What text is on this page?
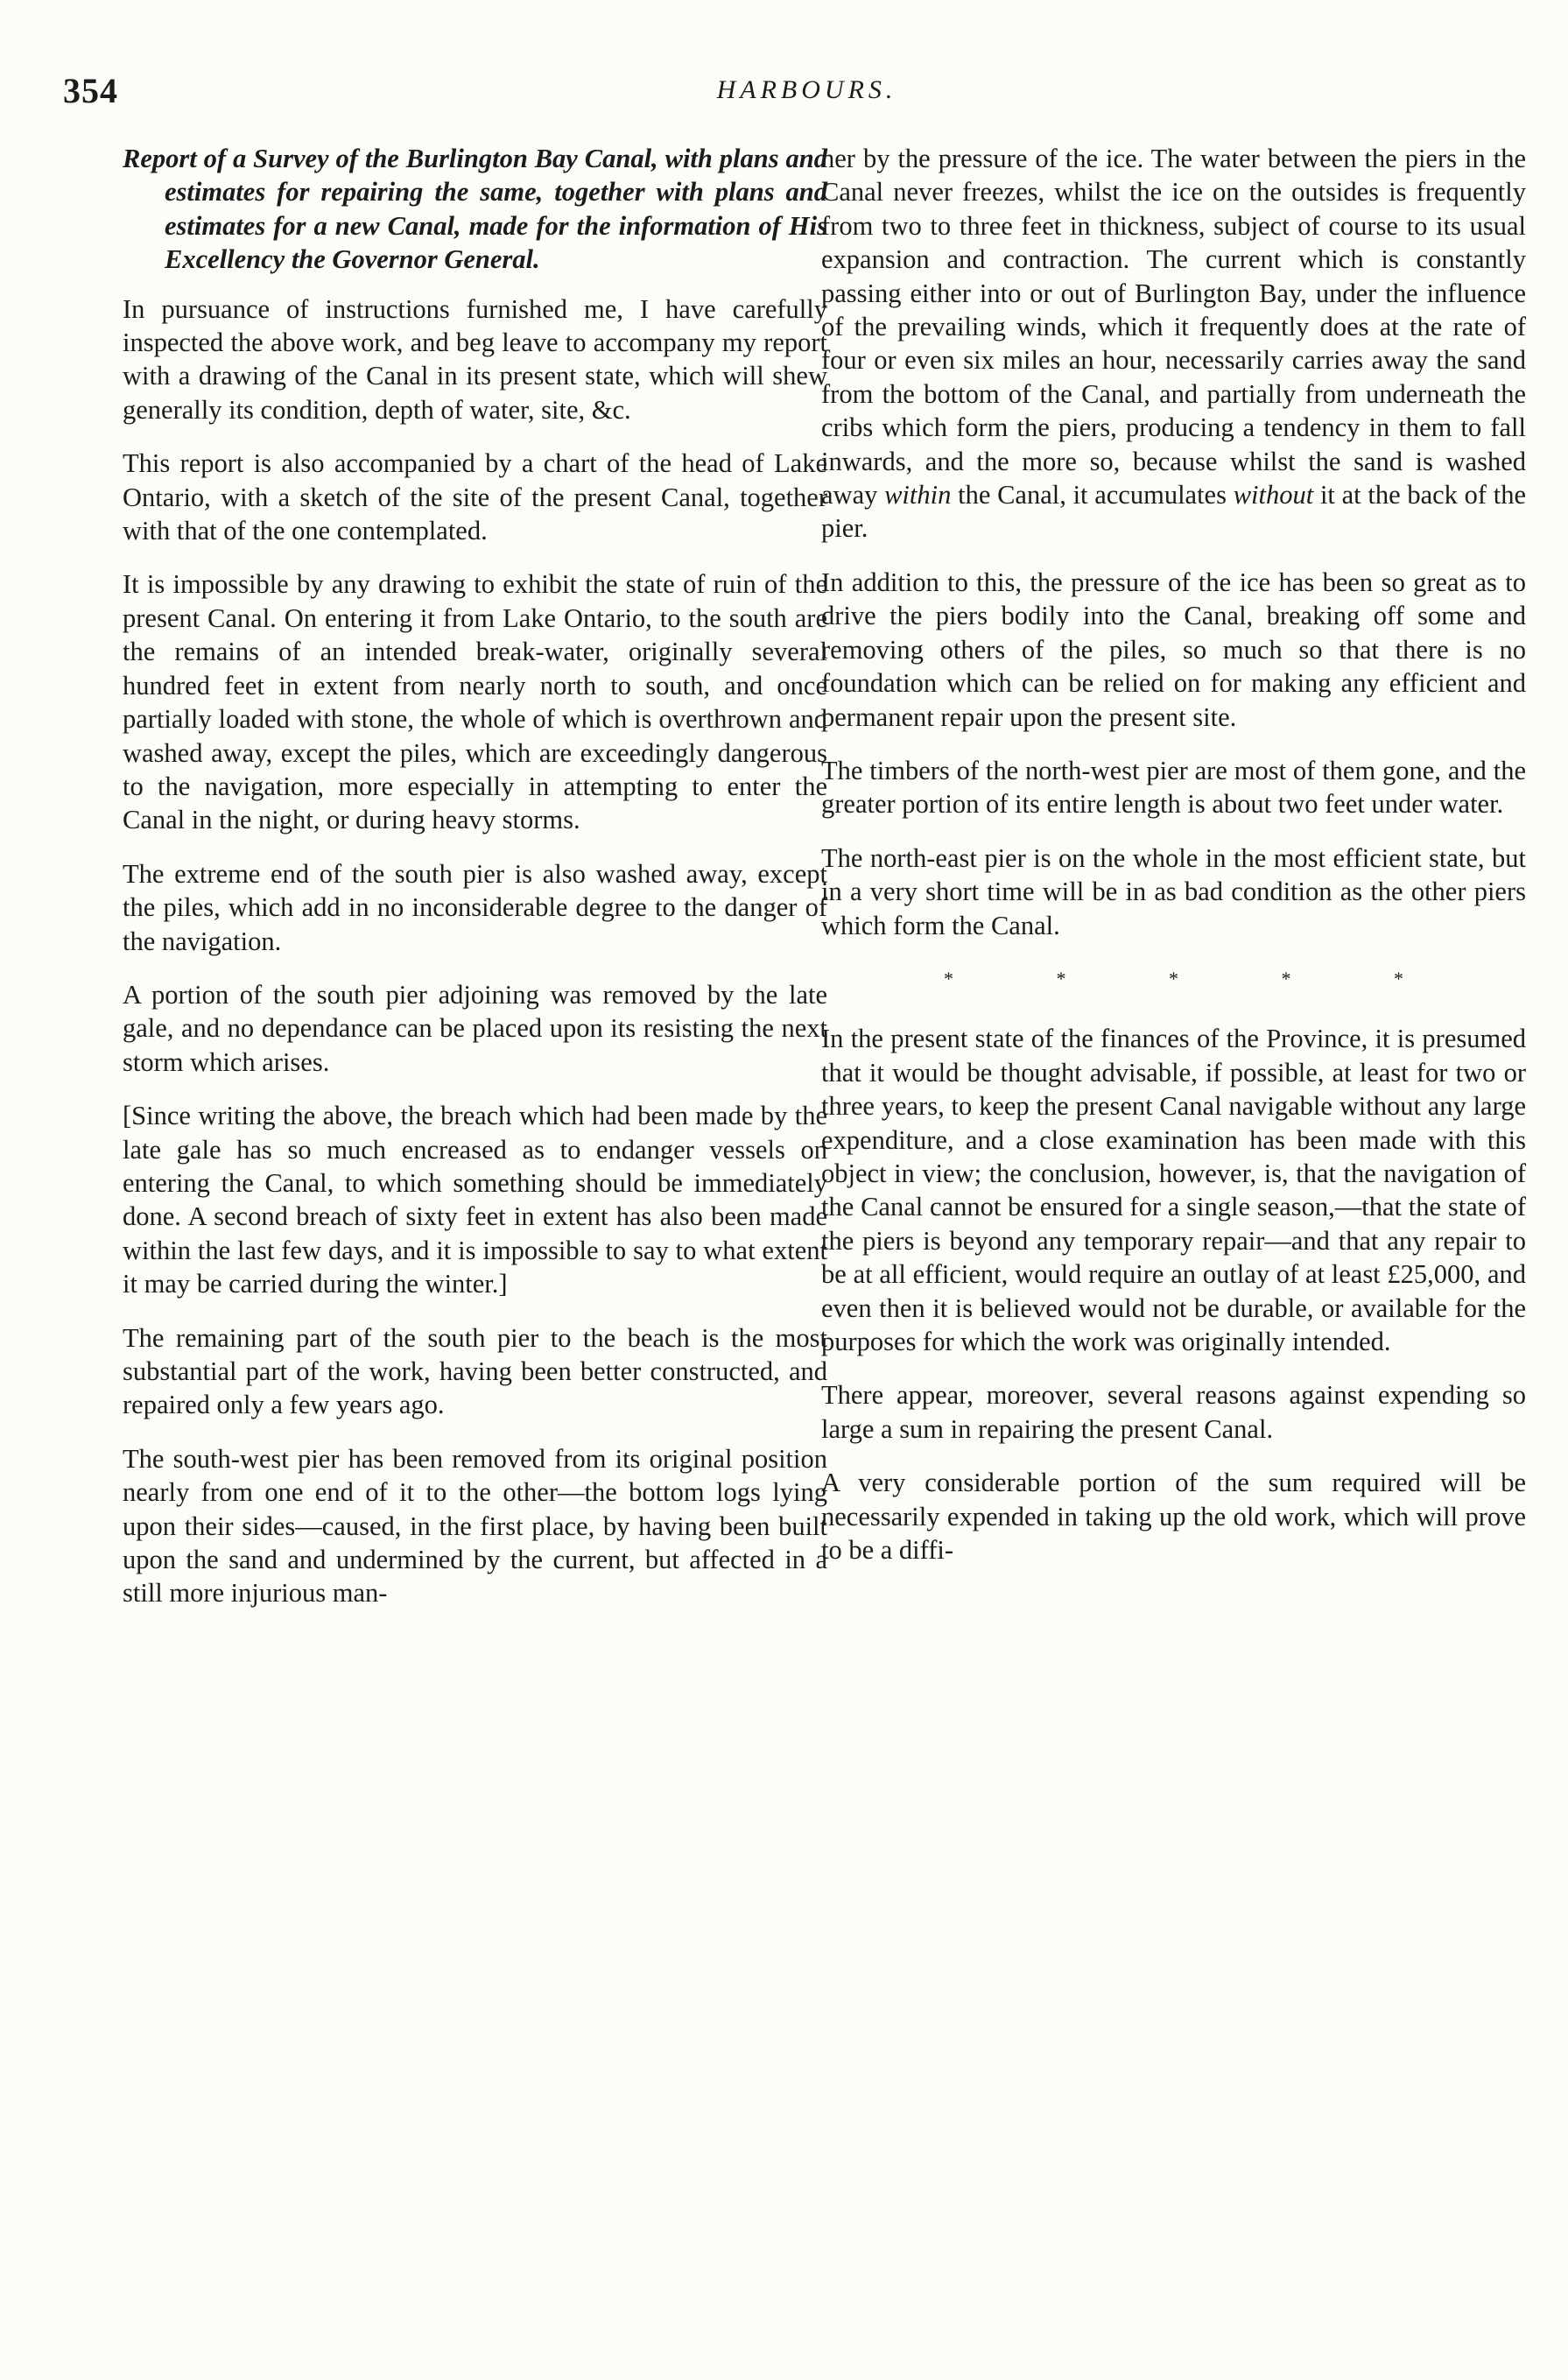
354	HARBOURS.

Report of a Survey of the Burlington Bay Canal, with plans and estimates for repairing the same, together with plans and estimates for a new Canal, made for the information of His Excellency the Governor General.

In pursuance of instructions furnished me, I have carefully inspected the above work, and beg leave to accompany my report with a drawing of the Canal in its present state, which will shew generally its condition, depth of water, site, &c.

This report is also accompanied by a chart of the head of Lake Ontario, with a sketch of the site of the present Canal, together with that of the one contemplated.

It is impossible by any drawing to exhibit the state of ruin of the present Canal. On entering it from Lake Ontario, to the south are the remains of an intended break-water, originally several hundred feet in extent from nearly north to south, and once partially loaded with stone, the whole of which is overthrown and washed away, except the piles, which are exceedingly dangerous to the navigation, more especially in attempting to enter the Canal in the night, or during heavy storms.

The extreme end of the south pier is also washed away, except the piles, which add in no inconsiderable degree to the danger of the navigation.

A portion of the south pier adjoining was removed by the late gale, and no dependance can be placed upon its resisting the next storm which arises.

[Since writing the above, the breach which had been made by the late gale has so much encreased as to endanger vessels on entering the Canal, to which something should be immediately done. A second breach of sixty feet in extent has also been made within the last few days, and it is impossible to say to what extent it may be carried during the winter.]

The remaining part of the south pier to the beach is the most substantial part of the work, having been better constructed, and repaired only a few years ago.

The south-west pier has been removed from its original position nearly from one end of it to the other—the bottom logs lying upon their sides—caused, in the first place, by having been built upon the sand and undermined by the current, but affected in a still more injurious man-

ner by the pressure of the ice. The water between the piers in the Canal never freezes, whilst the ice on the outsides is frequently from two to three feet in thickness, subject of course to its usual expansion and contraction. The current which is constantly passing either into or out of Burlington Bay, under the influence of the prevailing winds, which it frequently does at the rate of four or even six miles an hour, necessarily carries away the sand from the bottom of the Canal, and partially from underneath the cribs which form the piers, producing a tendency in them to fall inwards, and the more so, because whilst the sand is washed away within the Canal, it accumulates without it at the back of the pier.

In addition to this, the pressure of the ice has been so great as to drive the piers bodily into the Canal, breaking off some and removing others of the piles, so much so that there is no foundation which can be relied on for making any efficient and permanent repair upon the present site.

The timbers of the north-west pier are most of them gone, and the greater portion of its entire length is about two feet under water.

The north-east pier is on the whole in the most efficient state, but in a very short time will be in as bad condition as the other piers which form the Canal.

* * * * *

In the present state of the finances of the Province, it is presumed that it would be thought advisable, if possible, at least for two or three years, to keep the present Canal navigable without any large expenditure, and a close examination has been made with this object in view; the conclusion, however, is, that the navigation of the Canal cannot be ensured for a single season,—that the state of the piers is beyond any temporary repair—and that any repair to be at all efficient, would require an outlay of at least £25,000, and even then it is believed would not be durable, or available for the purposes for which the work was originally intended.

There appear, moreover, several reasons against expending so large a sum in repairing the present Canal.

A very considerable portion of the sum required will be necessarily expended in taking up the old work, which will prove to be a diffi-
